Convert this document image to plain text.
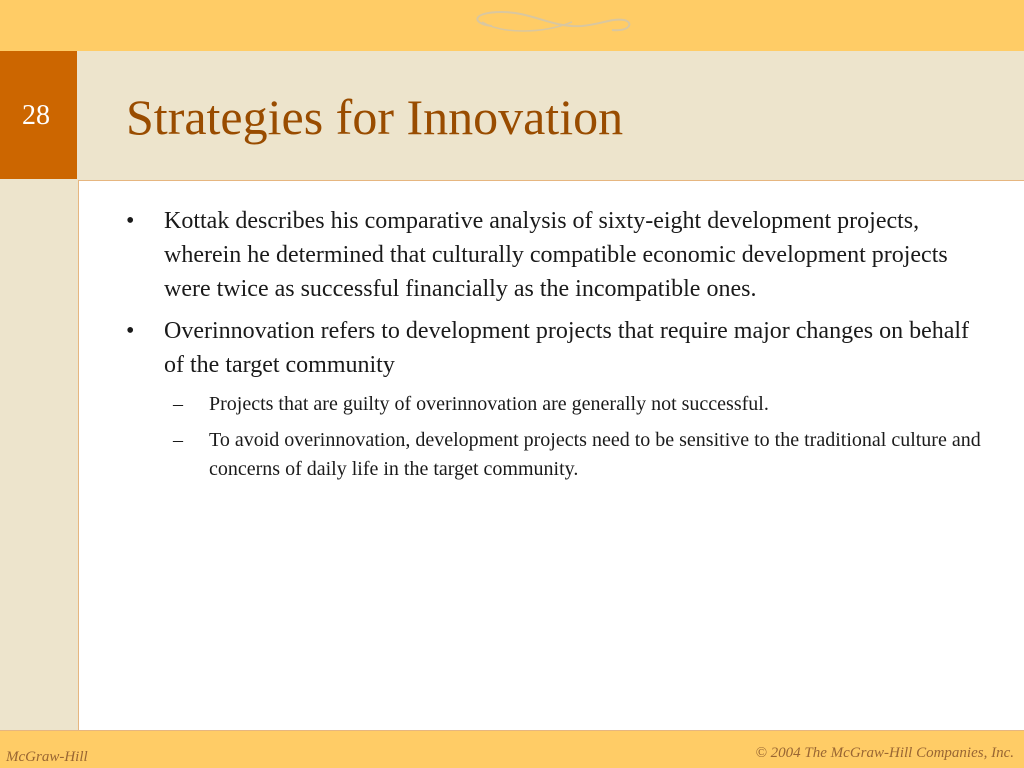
28	Strategies for Innovation
McGraw-Hill	© 2004 The McGraw-Hill Companies, Inc.
• Kottak describes his comparative analysis of sixty-eight development projects, wherein he determined that culturally compatible economic development projects were twice as successful financially as the incompatible ones.
• Overinnovation refers to development projects that require major changes on behalf of the target community
– Projects that are guilty of overinnovation are generally not successful.
– To avoid overinnovation, development projects need to be sensitive to the traditional culture and concerns of daily life in the target community.
